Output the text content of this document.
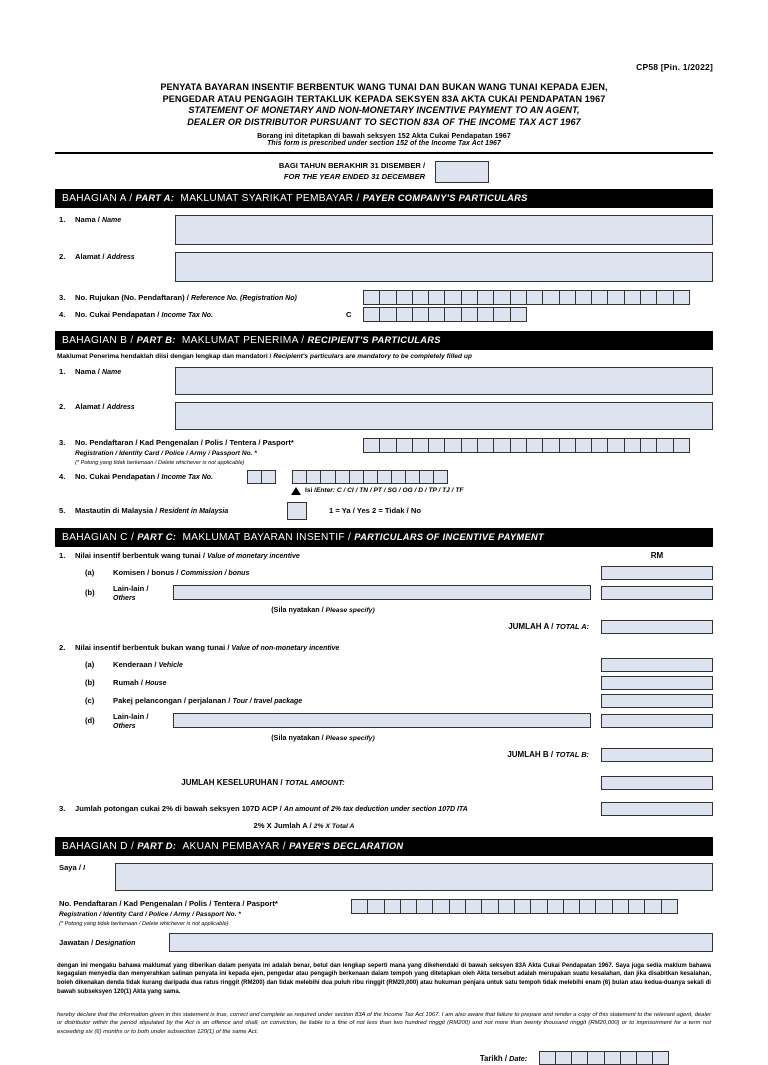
CP58 [Pin. 1/2022]
PENYATA BAYARAN INSENTIF BERBENTUK WANG TUNAI DAN BUKAN WANG TUNAI KEPADA EJEN,
PENGEDAR ATAU PENGAGIH TERTAKLUK KEPADA SEKSYEN 83A AKTA CUKAI PENDAPATAN 1967
STATEMENT OF MONETARY AND NON-MONETARY INCENTIVE PAYMENT TO AN AGENT,
DEALER OR DISTRIBUTOR PURSUANT TO SECTION 83A OF THE INCOME TAX ACT 1967
Borang ini ditetapkan di bawah seksyen 152 Akta Cukai Pendapatan 1967
This form is prescribed under section 152 of the Income Tax Act 1967
BAGI TAHUN BERAKHIR 31 DISEMBER /
FOR THE YEAR ENDED 31 DECEMBER
BAHAGIAN A / PART A: MAKLUMAT SYARIKAT PEMBAYAR / PAYER COMPANY'S PARTICULARS
1.	Nama / Name
2.	Alamat / Address
3.	No. Rujukan (No. Pendaftaran) / Reference No. (Registration No)
4.	No. Cukai Pendapatan / Income Tax No.	C
BAHAGIAN B / PART B: MAKLUMAT PENERIMA / RECIPIENT'S PARTICULARS
Maklumat Penerima hendaklah diisi dengan lengkap dan mandatori / Recipient's particulars are mandatory to be completely filled up
1.	Nama / Name
2.	Alamat / Address
3.	No. Pendaftaran / Kad Pengenalan / Polis / Tentera / Pasport*
Registration / Identity Card / Police / Army / Passport No. *
(* Potong yang tidak berkenaan / Delete whichever is not applicable)
4.	No. Cukai Pendapatan / Income Tax No.
Isi / Enter : C / CI / TN / PT / SG / OG / D / TP / TJ / TF
5.	Mastautin di Malaysia / Resident in Malaysia	1 = Ya / Yes 2 = Tidak / No
BAHAGIAN C / PART C: MAKLUMAT BAYARAN INSENTIF / PARTICULARS OF INCENTIVE PAYMENT
1.	Nilai insentif berbentuk wang tunai / Value of monetary incentive	RM
(a)	Komisen / bonus / Commission / bonus
(b)	Lain-lain / Others
(Sila nyatakan / Please specify)
JUMLAH A / TOTAL A:
2.	Nilai insentif berbentuk bukan wang tunai / Value of non-monetary incentive
(a)	Kenderaan / Vehicle
(b)	Rumah / House
(c)	Pakej pelancongan / perjalanan / Tour / travel package
(d)	Lain-lain / Others
(Sila nyatakan / Please specify)
JUMLAH B / TOTAL B:
JUMLAH KESELURUHAN / TOTAL AMOUNT:
3.	Jumlah potongan cukai 2% di bawah seksyen 107D ACP / An amount of 2% tax deduction under section 107D ITA
2% X Jumlah A / 2% X Total A
BAHAGIAN D / PART D: AKUAN PEMBAYAR / PAYER'S DECLARATION
Saya / I
No. Pendaftaran / Kad Pengenalan / Polis / Tentera / Pasport*
Registration / Identity Card / Police / Army / Passport No. *
(* Potong yang tidak berkenaan / Delete whichever is not applicable)
Jawatan / Designation
dengan ini mengaku bahawa maklumat yang diberikan dalam penyata ini adalah benar, betul dan lengkap seperti mana yang dikehendaki di bawah seksyen 83A Akta Cukai Pendapatan 1967. Saya juga sedia maklum bahawa kegagalan menyedia dan menyerahkan salinan penyata ini kepada ejen, pengedar atau pengagih berkenaan dalam tempoh yang ditetapkan oleh Akta tersebut adalah merupakan suatu kesalahan, dan jika disabitkan kesalahan, boleh dikenakan denda tidak kurang daripada dua ratus ringgit (RM200) dan tidak melebihi dua puluh ribu ringgit (RM20,000) atau hukuman penjara untuk satu tempoh tidak melebihi enam (6) bulan atau kedua-duanya sekali di bawah subseksyen 120(1) Akta yang sama.
hereby declare that the information given in this statement is true, correct and complete as required under section 83A of the Income Tax Act 1967. I am also aware that failure to prepare and render a copy of this statement to the relevant agent, dealer or distributor within the period stipulated by the Act is an offence and shall, on conviction, be liable to a fine of not less than two hundred ringgit (RM200) and not more than twenty thousand ringgit (RM20,000) or to imprisonment for a term not exceeding six (6) months or to both under subsection 120(1) of the same Act.
Tarikh / Date:
